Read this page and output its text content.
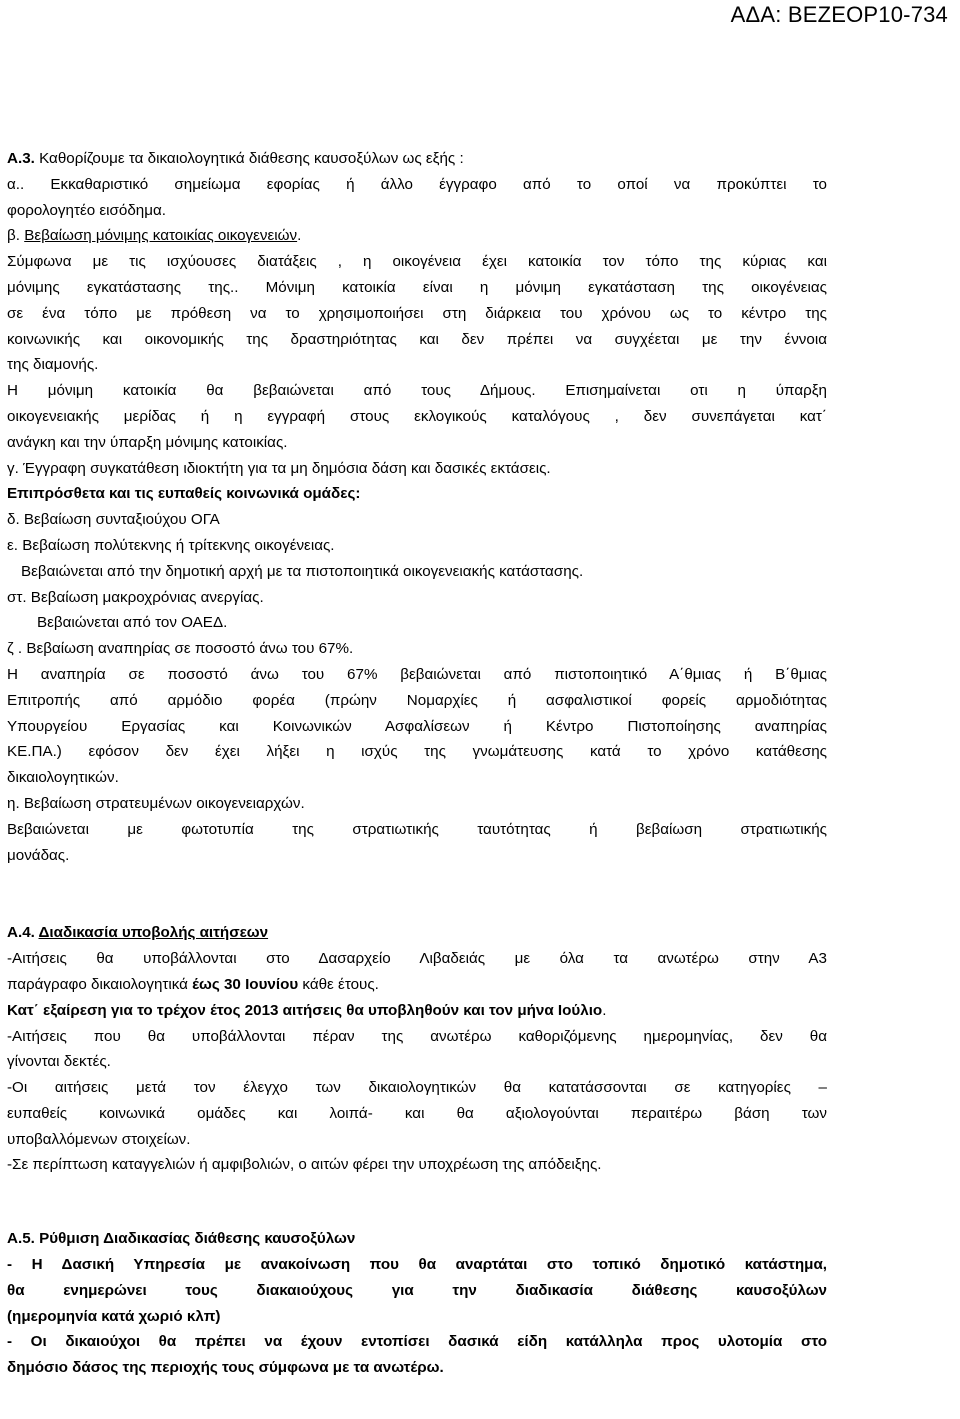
ΑΔΑ: ΒΕΖΕΟΡ10-734

Α.3. Καθορίζουμε τα δικαιολογητικά διάθεσης καυσοξύλων ως εξής :

α.. Εκκαθαριστικό σημείωμα εφορίας ή άλλο έγγραφο από το οποί να προκύπτει το

φορολογητέο εισόδημα.

β. Βεβαίωση μόνιμης κατοικίας οικογενειών.

Σύμφωνα με τις ισχύουσες διατάξεις , η οικογένεια έχει κατοικία τον τόπο της κύριας και

μόνιμης εγκατάστασης της.. Μόνιμη κατοικία είναι η μόνιμη εγκατάσταση της οικογένειας

σε ένα τόπο με πρόθεση να το χρησιμοποιήσει στη διάρκεια του χρόνου ως το κέντρο της

κοινωνικής και οικονομικής της δραστηριότητας και δεν πρέπει να συγχέεται με την έννοια

της διαμονής.

Η μόνιμη κατοικία θα βεβαιώνεται από τους Δήμους. Επισημαίνεται οτι η ύπαρξη

οικογενειακής μερίδας ή η εγγραφή στους εκλογικούς καταλόγους , δεν συνεπάγεται κατ΄

ανάγκη και την ύπαρξη μόνιμης κατοικίας.

γ. Έγγραφη συγκατάθεση ιδιοκτήτη για τα μη δημόσια δάση και δασικές εκτάσεις.

Επιπρόσθετα και τις ευπαθείς κοινωνικά ομάδες:

δ. Βεβαίωση συνταξιούχου ΟΓΑ

ε. Βεβαίωση πολύτεκνης ή τρίτεκνης οικογένειας.

Βεβαιώνεται από την δημοτική αρχή με τα πιστοποιητικά οικογενειακής κατάστασης.

στ. Βεβαίωση μακροχρόνιας ανεργίας.

Βεβαιώνεται από τον ΟΑΕΔ.

ζ . Βεβαίωση αναπηρίας σε ποσοστό άνω του 67%.

Η αναπηρία σε ποσοστό άνω του 67% βεβαιώνεται από πιστοποιητικό Α΄θμιας ή Β΄θμιας

Επιτροπής από αρμόδιο φορέα (πρώην Νομαρχίες ή ασφαλιστικοί φορείς αρμοδιότητας

Υπουργείου Εργασίας και Κοινωνικών Ασφαλίσεων ή Κέντρο Πιστοποίησης αναπηρίας

ΚΕ.ΠΑ.) εφόσον δεν έχει λήξει η ισχύς της γνωμάτευσης κατά το χρόνο κατάθεσης

δικαιολογητικών.

η. Βεβαίωση στρατευμένων οικογενειαρχών.

Βεβαιώνεται με φωτοτυπία της στρατιωτικής ταυτότητας ή βεβαίωση στρατιωτικής

μονάδας.

Α.4. Διαδικασία υποβολής αιτήσεων

-Αιτήσεις θα υποβάλλονται στο Δασαρχείο Λιβαδειάς με όλα τα ανωτέρω στην Α3

παράγραφο δικαιολογητικά έως 30 Ιουνίου κάθε έτους.

Κατ΄ εξαίρεση για το τρέχον έτος 2013 αιτήσεις θα υποβληθούν και τον μήνα Ιούλιο.

-Αιτήσεις που θα υποβάλλονται πέραν της ανωτέρω καθοριζόμενης ημερομηνίας, δεν θα

γίνονται δεκτές.

-Οι αιτήσεις μετά τον έλεγχο των δικαιολογητικών θα κατατάσσονται σε κατηγορίες –

ευπαθείς κοινωνικά ομάδες και λοιπά- και θα αξιολογούνται περαιτέρω βάση των

υποβαλλόμενων στοιχείων.

-Σε περίπτωση καταγγελιών ή αμφιβολιών, ο αιτών φέρει την υποχρέωση της απόδειξης.

Α.5. Ρύθμιση Διαδικασίας διάθεσης καυσοξύλων

- Η Δασική Υπηρεσία με ανακοίνωση που θα αναρτάται στο τοπικό δημοτικό κατάστημα,

θα ενημερώνει τους διακαιούχους για την διαδικασία διάθεσης καυσοξύλων

(ημερομηνία κατά χωριό κλπ)

- Οι δικαιούχοι θα πρέπει να έχουν εντοπίσει δασικά είδη κατάλληλα προς υλοτομία στο

δημόσιο δάσος της περιοχής τους σύμφωνα με τα ανωτέρω.
